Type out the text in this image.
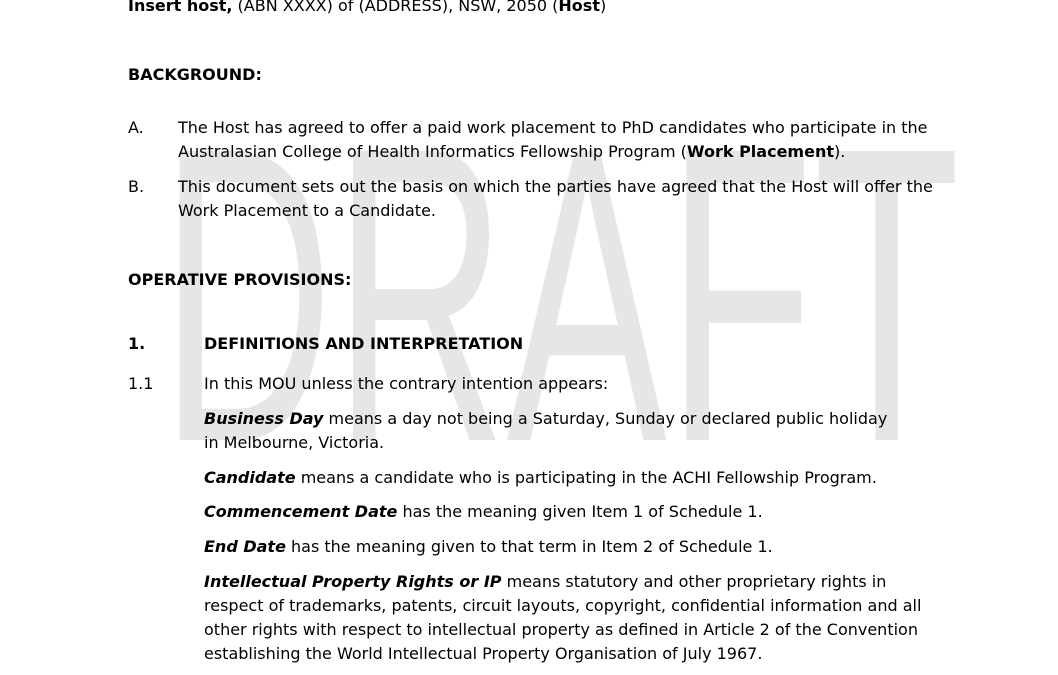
DRAFT
Insert host, (ABN XXXX) of (ADDRESS), NSW, 2050 (Host)
BACKGROUND:
A. The Host has agreed to offer a paid work placement to PhD candidates who participate in the Australasian College of Health Informatics Fellowship Program (Work Placement).
B. This document sets out the basis on which the parties have agreed that the Host will offer the Work Placement to a Candidate.
OPERATIVE PROVISIONS:
1.	DEFINITIONS AND INTERPRETATION
1.1	In this MOU unless the contrary intention appears:
Business Day means a day not being a Saturday, Sunday or declared public holiday in Melbourne, Victoria.
Candidate means a candidate who is participating in the ACHI Fellowship Program.
Commencement Date has the meaning given Item 1 of Schedule 1.
End Date has the meaning given to that term in Item 2 of Schedule 1.
Intellectual Property Rights or IP means statutory and other proprietary rights in respect of trademarks, patents, circuit layouts, copyright, confidential information and all other rights with respect to intellectual property as defined in Article 2 of the Convention establishing the World Intellectual Property Organisation of July 1967.
